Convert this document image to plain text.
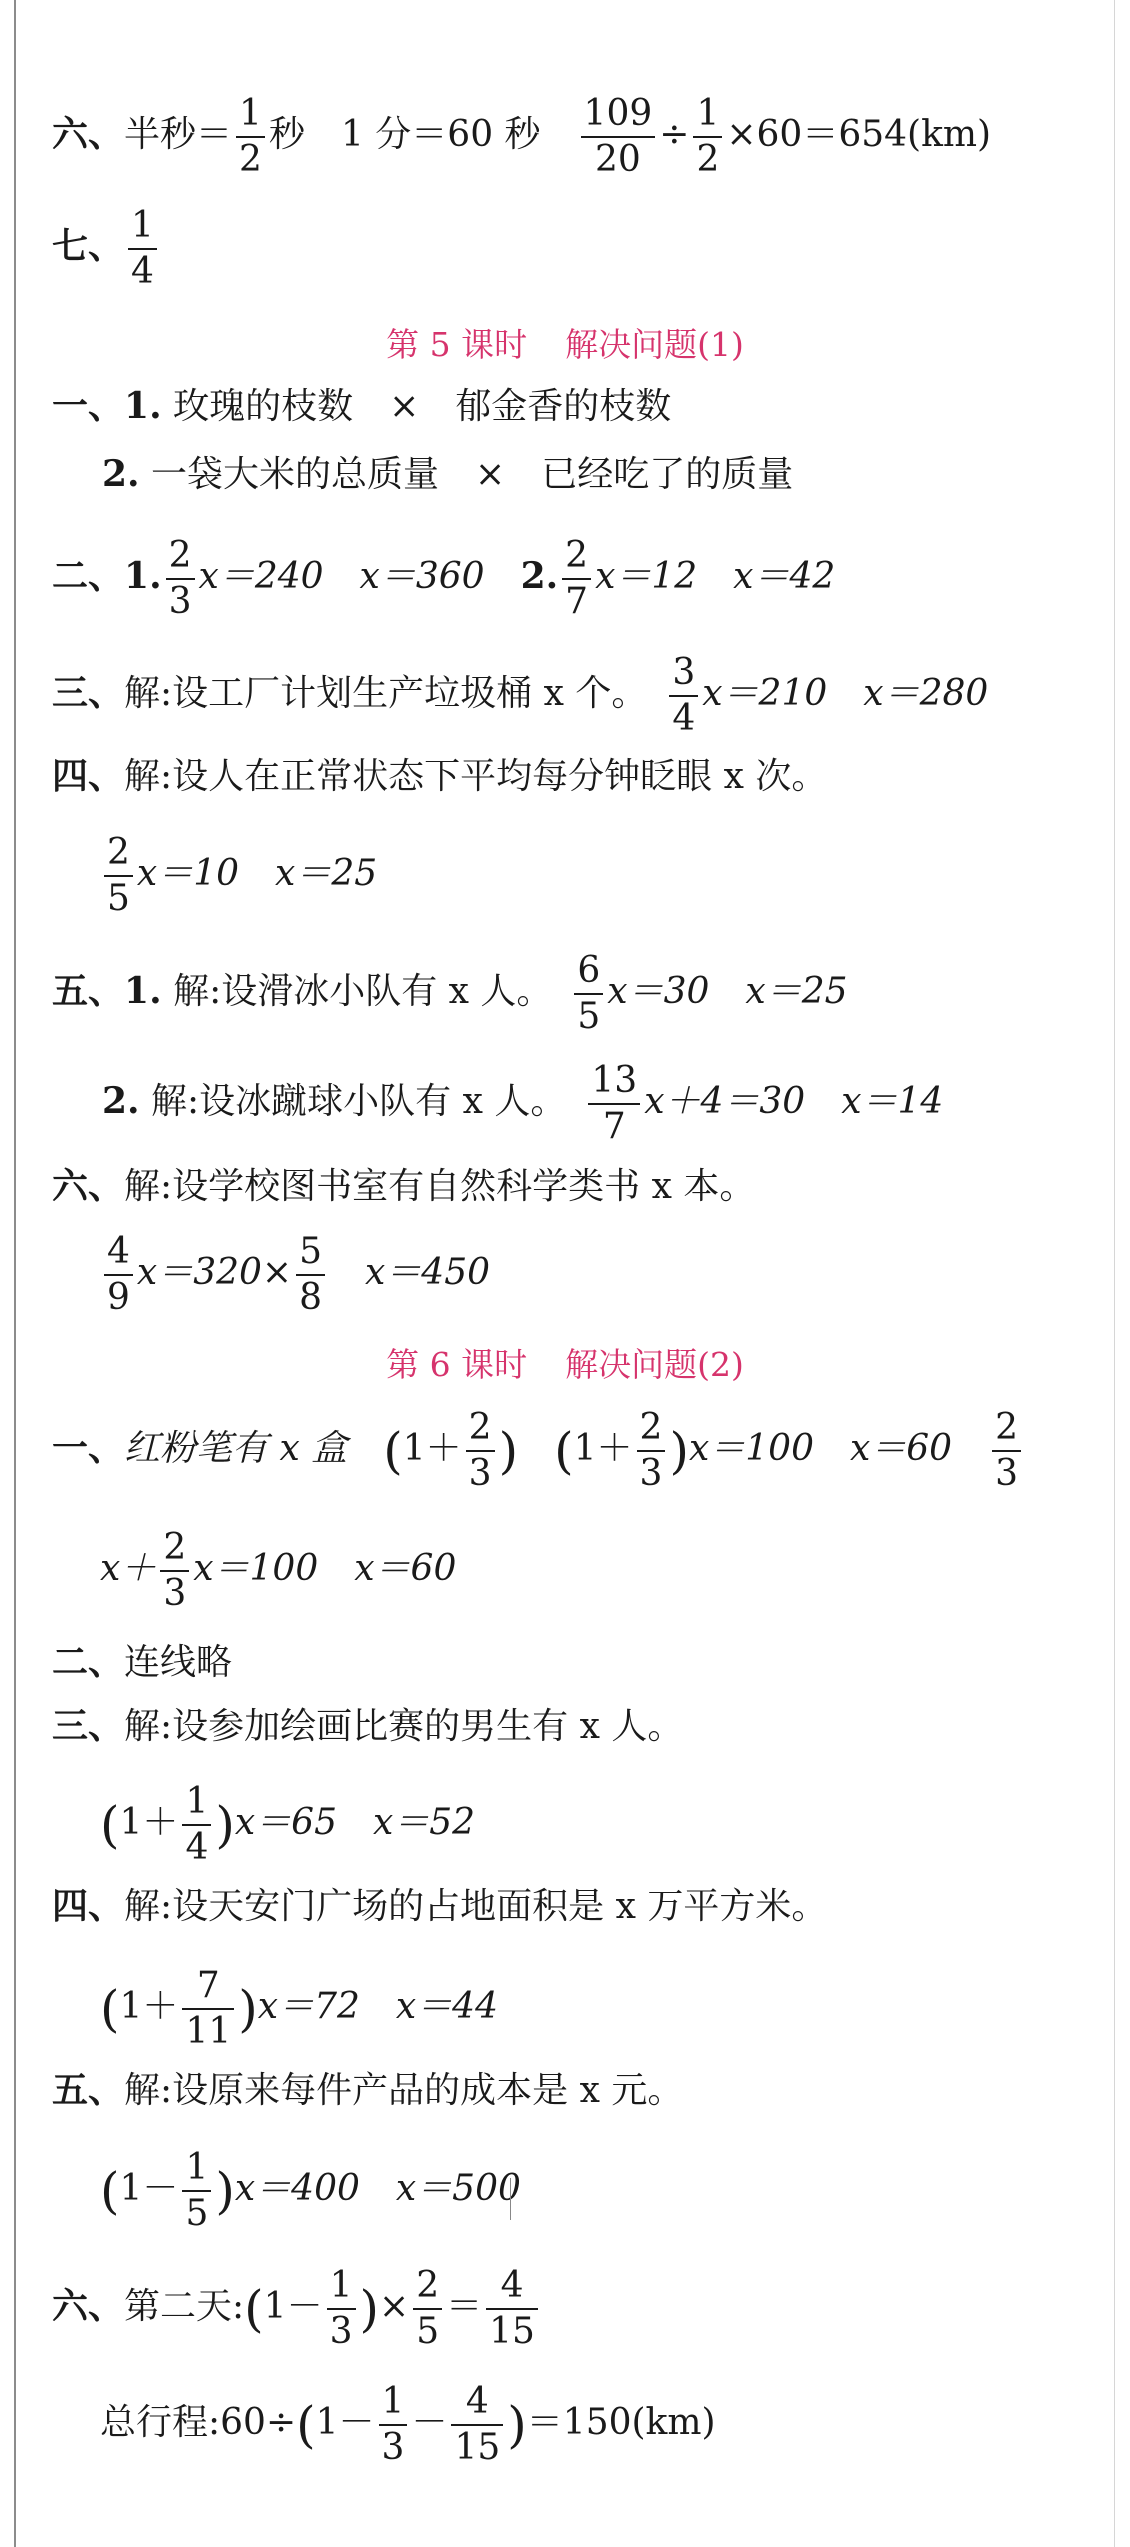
六、半秒＝ $\frac{1}{2}$ 秒　1 分＝60 秒　 $\frac{109}{20} \div \frac{1}{2} \times 60=654(km)$
七、 $\frac{1}{4}$
第 5 课时 解决问题(1)
一、1. 玫瑰的枝数　×　郁金香的枝数
2. 一袋大米的总质量　×　已经吃了的质量
二、1. $\frac{2}{3} x=240$　x＝360　2. $\frac{2}{7} x=12$　x＝42
三、解:设工厂计划生产垃圾桶 x 个。　 $\frac{3}{4} x=210$　x＝280
四、解:设人在正常状态下平均每分钟眨眼 x 次。
$\frac{2}{5} x=10$　x＝25
五、1. 解:设滑冰小队有 x 人。　 $\frac{6}{5} x=30$　x＝25
2. 解:设冰蹴球小队有 x 人。　 $\frac{13}{7} x+4=30$　x＝14
六、解:设学校图书室有自然科学类书 x 本。
$\frac{4}{9} x=320\times \frac{5}{8}$ 　x＝450
第 6 课时 解决问题(2)
一、红粉笔有 x 盒　($1+ \frac{2}{3}$ )　 $(1+ \frac{2}{3} )x=100$　x＝60　 $\frac{2}{3}$
$x+ \frac{2}{3} x=100$　x＝60
二、连线略
三、解:设参加绘画比赛的男生有 x 人。
$(1+ \frac{1}{4} )x=65$　x＝52
四、解:设天安门广场的占地面积是 x 万平方米。
$(1+ \frac{7}{11} )x=72$　x＝44
五、解:设原来每件产品的成本是 x 元。
$(1- \frac{1}{5} )x=400$　x＝500
六、第二天:(1－ $\frac{1}{3}$ )× $\frac{2}{5} = \frac{4}{15}$
总行程:60÷(1－ $\frac{1}{3} - \frac{4}{15} )=150(km)$
